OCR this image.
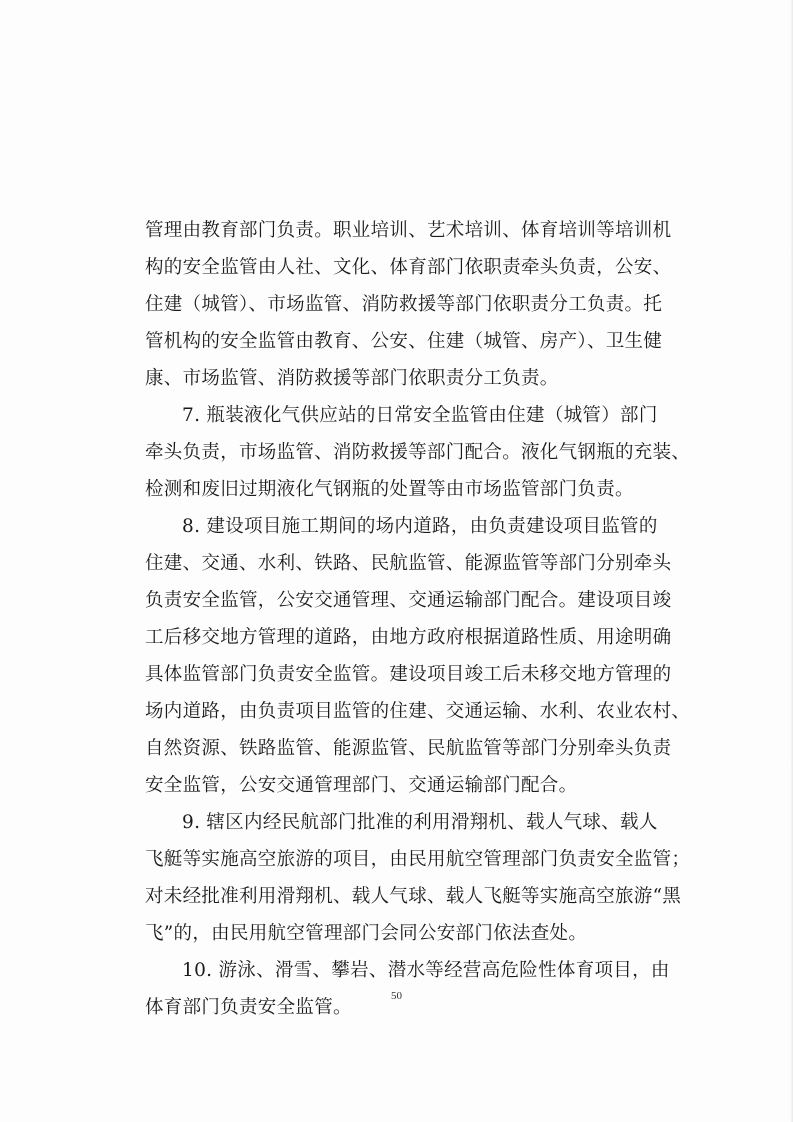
管理由教育部门负责。职业培训、艺术培训、体育培训等培训机
构的安全监管由人社、文化、体育部门依职责牵头负责，公安、
住建（城管）、市场监管、消防救援等部门依职责分工负责。托
管机构的安全监管由教育、公安、住建（城管、房产）、卫生健
康、市场监管、消防救援等部门依职责分工负责。
7. 瓶装液化气供应站的日常安全监管由住建（城管）部门
牵头负责，市场监管、消防救援等部门配合。液化气钢瓶的充装、
检测和废旧过期液化气钢瓶的处置等由市场监管部门负责。
8. 建设项目施工期间的场内道路，由负责建设项目监管的
住建、交通、水利、铁路、民航监管、能源监管等部门分别牵头
负责安全监管，公安交通管理、交通运输部门配合。建设项目竣
工后移交地方管理的道路，由地方政府根据道路性质、用途明确
具体监管部门负责安全监管。建设项目竣工后未移交地方管理的
场内道路，由负责项目监管的住建、交通运输、水利、农业农村、
自然资源、铁路监管、能源监管、民航监管等部门分别牵头负责
安全监管，公安交通管理部门、交通运输部门配合。
9. 辖区内经民航部门批准的利用滑翔机、载人气球、载人
飞艇等实施高空旅游的项目，由民用航空管理部门负责安全监管；
对未经批准利用滑翔机、载人气球、载人飞艇等实施高空旅游“黑
飞”的，由民用航空管理部门会同公安部门依法查处。
10. 游泳、滑雪、攀岩、潜水等经营高危险性体育项目，由
体育部门负责安全监管。
50
